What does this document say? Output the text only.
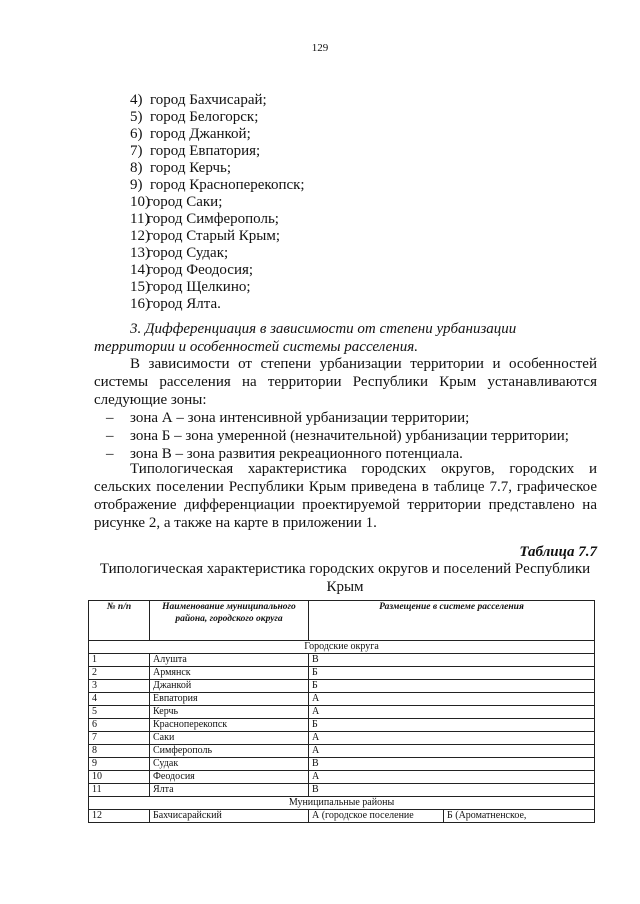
129
4) город Бахчисарай;
5) город Белогорск;
6) город Джанкой;
7) город Евпатория;
8) город Керчь;
9) город Красноперекопск;
10)
город Саки;
11)
город Симферополь;
12)
город Старый Крым;
13)
город Судак;
14)
город Феодосия;
15)
город Щелкино;
16)
город Ялта.

3. Дифференциация в зависимости от степени урбанизации
территории и особенностей системы расселения.

В зависимости от степени урбанизации территории и особенностей системы расселения на территории Республики Крым устанавливаются следующие зоны:

– зона А – зона интенсивной урбанизации территории;
– зона Б – зона умеренной (незначительной) урбанизации территории;
– зона В – зона развития рекреационного потенциала.

Типологическая характеристика городских округов, городских и сельских поселении Республики Крым приведена в таблице 7.7, графическое отображение дифференциации проектируемой территории представлено на рисунке 2, а также на карте в приложении 1.

Таблица 7.7

Типологическая характеристика городских округов и поселений Республики Крым

№ п/п	Наименование муниципального района, городского округа	Размещение в системе расселения	
Городские округа			
1	Алушта	В	
2	Армянск	Б	
3	Джанкой	Б	
4	Евпатория	А	
5	Керчь	А	
6	Красноперекопск	Б	
7	Саки	А	
8	Симферополь	А	
9	Судак	В	
10	Феодосия	А	
11	Ялта	В	
Муниципальные районы			
12	Бахчисарайский	А (городское поселение	Б (Ароматненское,
